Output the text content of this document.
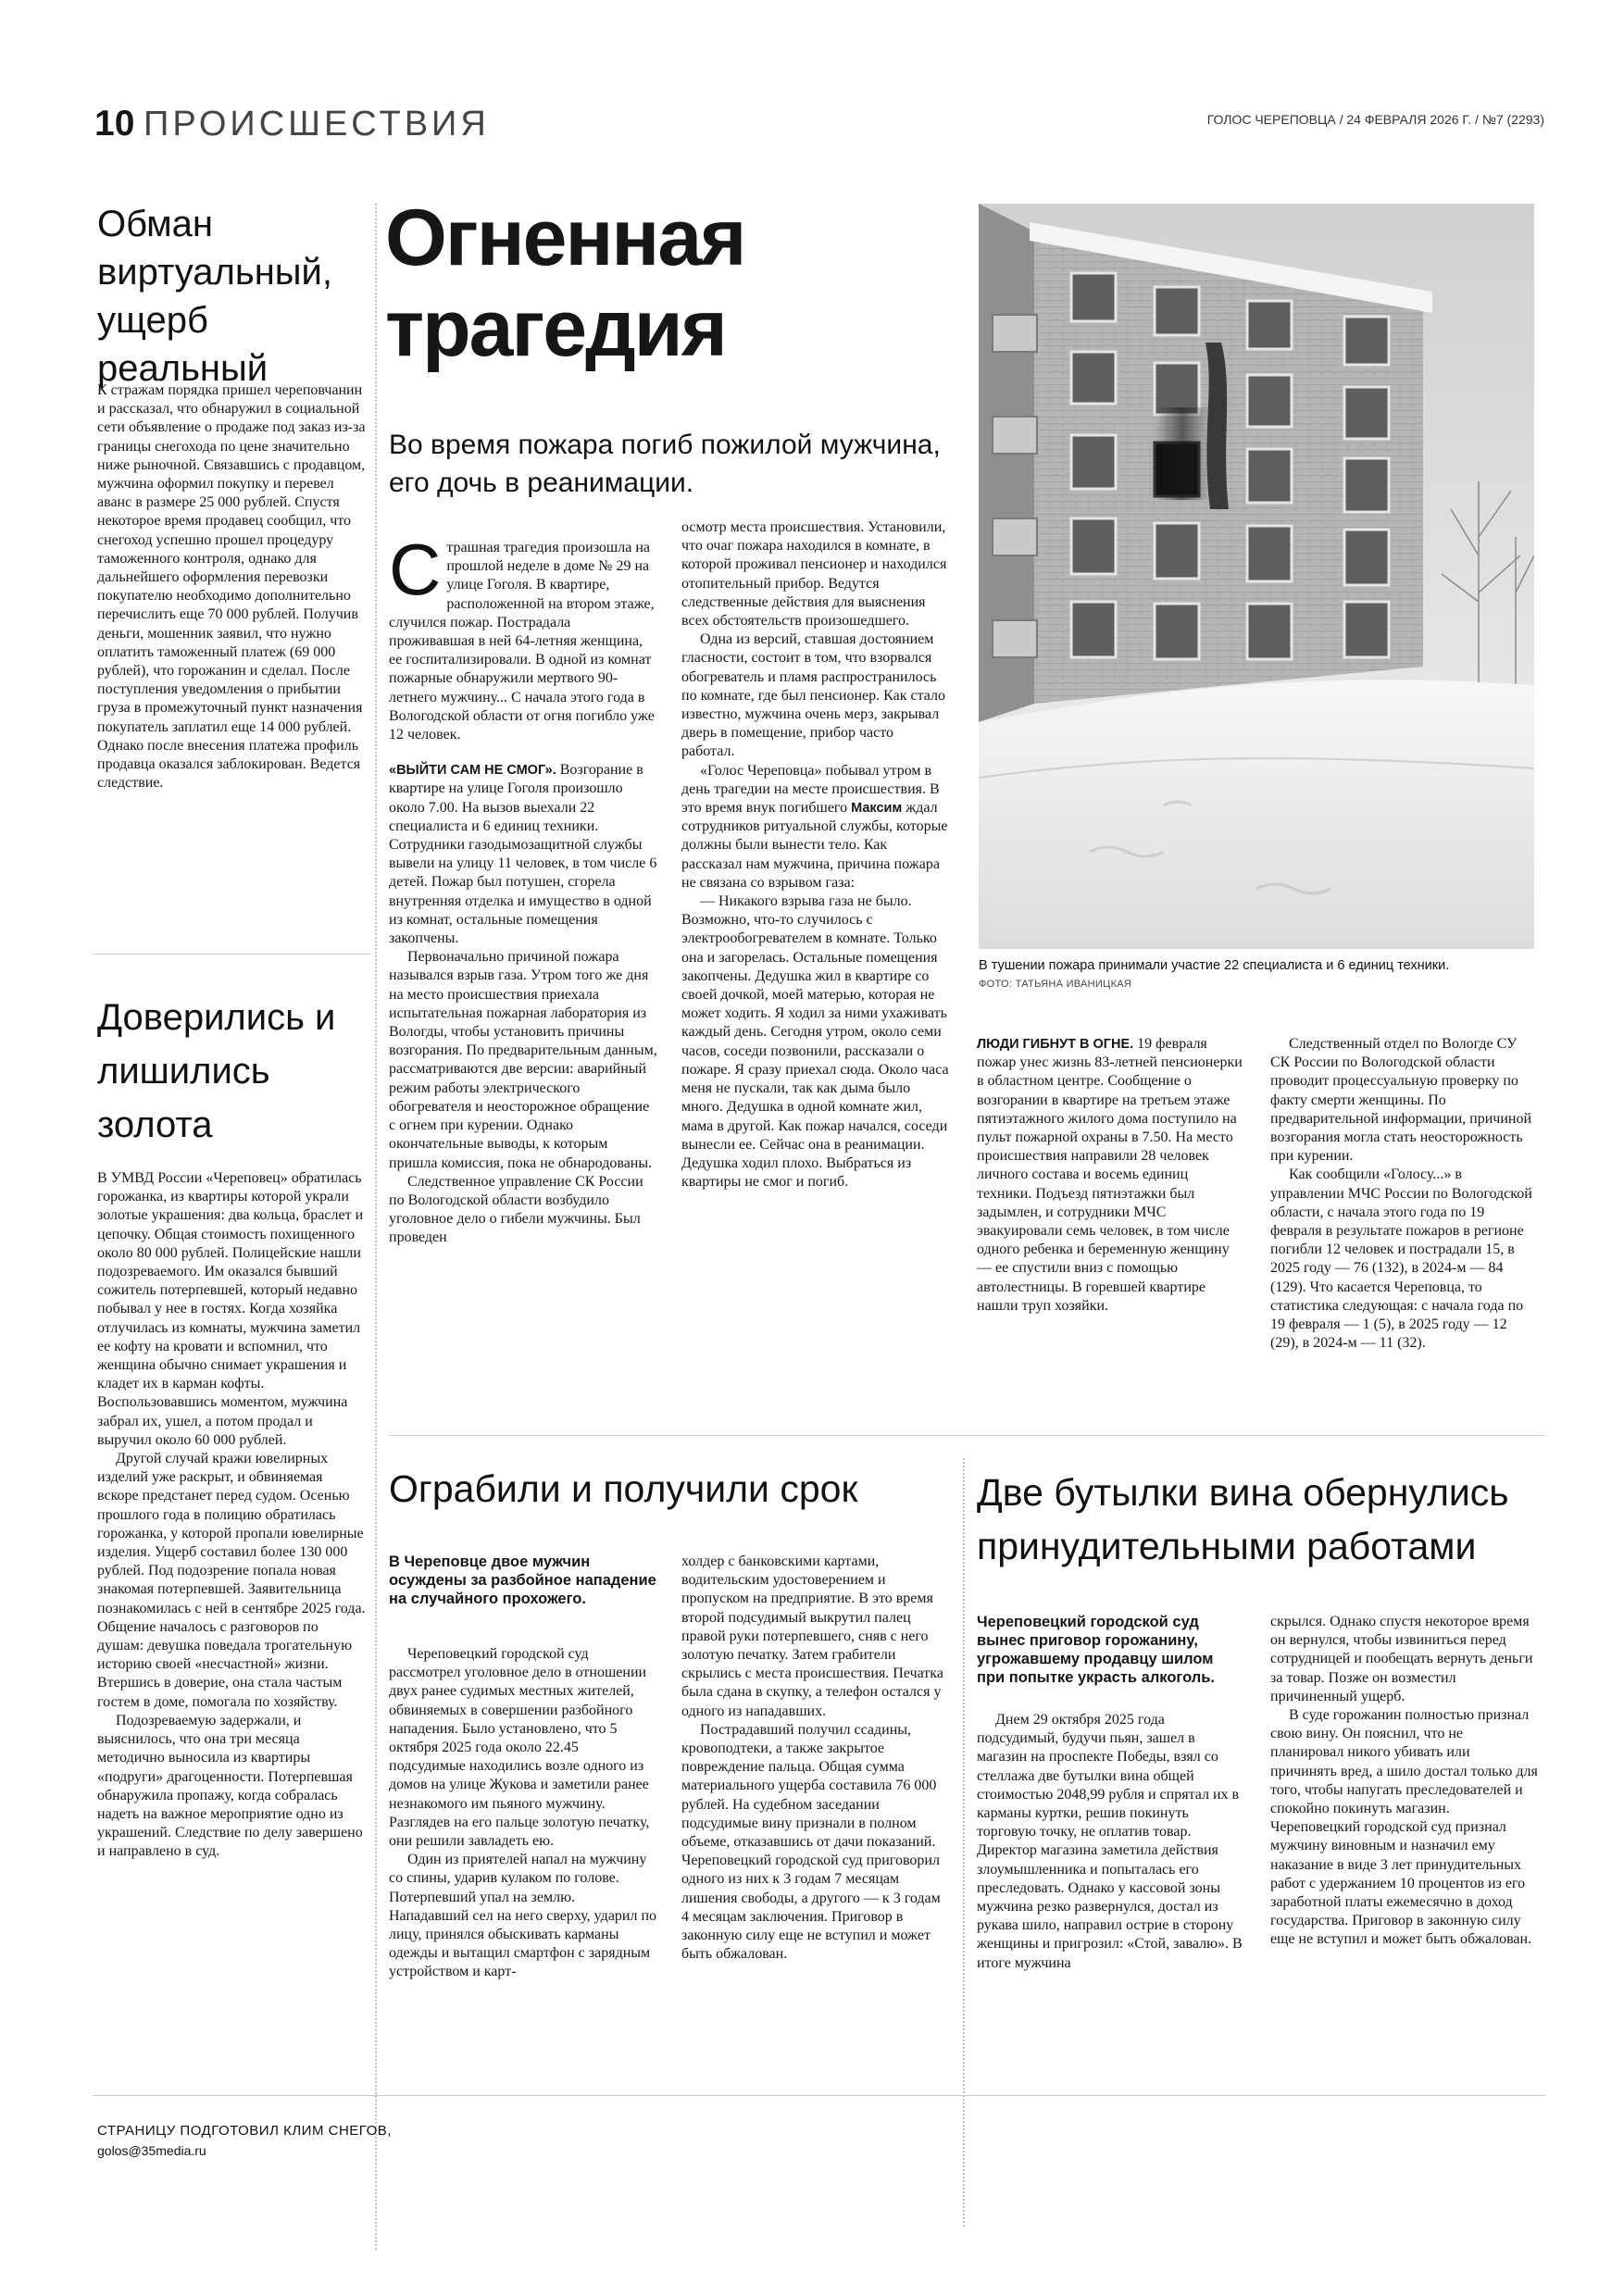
10 ПРОИСШЕСТВИЯ	ГОЛОС ЧЕРЕПОВЦА / 24 ФЕВРАЛЯ 2026 Г. / №7 (2293)
Обман виртуальный, ущерб реальный

К стражам порядка пришел череповчанин и рассказал, что обнаружил в социальной сети объявление о продаже под заказ из-за границы снегохода по цене значительно ниже рыночной. Связавшись с продавцом, мужчина оформил покупку и перевел аванс в размере 25 000 рублей. Спустя некоторое время продавец сообщил, что снегоход успешно прошел процедуру таможенного контроля, однако для дальнейшего оформления перевозки покупателю необходимо дополнительно перечислить еще 70 000 рублей. Получив деньги, мошенник заявил, что нужно оплатить таможенный платеж (69 000 рублей), что горожанин и сделал. После поступления уведомления о прибытии груза в промежуточный пункт назначения покупатель заплатил еще 14 000 рублей. Однако после внесения платежа профиль продавца оказался заблокирован. Ведется следствие.

Доверились и лишились золота

В УМВД России «Череповец» обратилась горожанка, из квартиры которой украли золотые украшения: два кольца, браслет и цепочку. Общая стоимость похищенного около 80 000 рублей. Полицейские нашли подозреваемого. Им оказался бывший сожитель потерпевшей, который недавно побывал у нее в гостях. Когда хозяйка отлучилась из комнаты, мужчина заметил ее кофту на кровати и вспомнил, что женщина обычно снимает украшения и кладет их в карман кофты. Воспользовавшись моментом, мужчина забрал их, ушел, а потом продал и выручил около 60 000 рублей.

Другой случай кражи ювелирных изделий уже раскрыт, и обвиняемая вскоре предстанет перед судом. Осенью прошлого года в полицию обратилась горожанка, у которой пропали ювелирные изделия. Ущерб составил более 130 000 рублей. Под подозрение попала новая знакомая потерпевшей. Заявительница познакомилась с ней в сентябре 2025 года. Общение началось с разговоров по душам: девушка поведала трогательную историю своей «несчастной» жизни. Втершись в доверие, она стала частым гостем в доме, помогала по хозяйству.

Подозреваемую задержали, и выяснилось, что она три месяца методично выносила из квартиры «подруги» драгоценности. Потерпевшая обнаружила пропажу, когда собралась надеть на важное мероприятие одно из украшений. Следствие по делу завершено и направлено в суд.

Огненная трагедия
Во время пожара погиб пожилой мужчина, его дочь в реанимации.

Страшная трагедия произошла на прошлой неделе в доме № 29 на улице Гоголя. В квартире, расположенной на втором этаже, случился пожар. Пострадала проживавшая в ней 64-летняя женщина, ее госпитализировали. В одной из комнат пожарные обнаружили мертвого 90-летнего мужчину... С начала этого года в Вологодской области от огня погибло уже 12 человек.

«ВЫЙТИ САМ НЕ СМОГ». Возгорание в квартире на улице Гоголя произошло около 7.00. На вызов выехали 22 специалиста и 6 единиц техники. Сотрудники газодымозащитной службы вывели на улицу 11 человек, в том числе 6 детей. Пожар был потушен, сгорела внутренняя отделка и имущество в одной из комнат, остальные помещения закопчены.

Первоначально причиной пожара назывался взрыв газа. Утром того же дня на место происшествия приехала испытательная пожарная лаборатория из Вологды, чтобы установить причины возгорания. По предварительным данным, рассматриваются две версии: аварийный режим работы электрического обогревателя и неосторожное обращение с огнем при курении. Однако окончательные выводы, к которым пришла комиссия, пока не обнародованы.

Следственное управление СК России по Вологодской области возбудило уголовное дело о гибели мужчины. Был проведен

осмотр места происшествия. Установили, что очаг пожара находился в комнате, в которой проживал пенсионер и находился отопительный прибор. Ведутся следственные действия для выяснения всех обстоятельств произошедшего.

Одна из версий, ставшая достоянием гласности, состоит в том, что взорвался обогреватель и пламя распространилось по комнате, где был пенсионер. Как стало известно, мужчина очень мерз, закрывал дверь в помещение, прибор часто работал.

«Голос Череповца» побывал утром в день трагедии на месте происшествия. В это время внук погибшего Максим ждал сотрудников ритуальной службы, которые должны были вынести тело. Как рассказал нам мужчина, причина пожара не связана со взрывом газа:

— Никакого взрыва газа не было. Возможно, что-то случилось с электрообогревателем в комнате. Только она и загорелась. Остальные помещения закопчены. Дедушка жил в квартире со своей дочкой, моей матерью, которая не может ходить. Я ходил за ними ухаживать каждый день. Сегодня утром, около семи часов, соседи позвонили, рассказали о пожаре. Я сразу приехал сюда. Около часа меня не пускали, так как дыма было много. Дедушка в одной комнате жил, мама в другой. Как пожар начался, соседи вынесли ее. Сейчас она в реанимации. Дедушка ходил плохо. Выбраться из квартиры не смог и погиб.

В тушении пожара принимали участие 22 специалиста и 6 единиц техники.
ФОТО: ТАТЬЯНА ИВАНИЦКАЯ

ЛЮДИ ГИБНУТ В ОГНЕ. 19 февраля пожар унес жизнь 83-летней пенсионерки в областном центре. Сообщение о возгорании в квартире на третьем этаже пятиэтажного жилого дома поступило на пульт пожарной охраны в 7.50. На место происшествия направили 28 человек личного состава и восемь единиц техники. Подъезд пятиэтажки был задымлен, и сотрудники МЧС эвакуировали семь человек, в том числе одного ребенка и беременную женщину — ее спустили вниз с помощью автолестницы. В горевшей квартире нашли труп хозяйки.

Следственный отдел по Вологде СУ СК России по Вологодской области проводит процессуальную проверку по факту смерти женщины. По предварительной информации, причиной возгорания могла стать неосторожность при курении.

Как сообщили «Голосу...» в управлении МЧС России по Вологодской области, с начала этого года по 19 февраля в результате пожаров в регионе погибли 12 человек и пострадали 15, в 2025 году — 76 (132), в 2024-м — 84 (129). Что касается Череповца, то статистика следующая: с начала года по 19 февраля — 1 (5), в 2025 году — 12 (29), в 2024-м — 11 (32).

Ограбили и получили срок

В Череповце двое мужчин осуждены за разбойное нападение на случайного прохожего.

Череповецкий городской суд рассмотрел уголовное дело в отношении двух ранее судимых местных жителей, обвиняемых в совершении разбойного нападения. Было установлено, что 5 октября 2025 года около 22.45 подсудимые находились возле одного из домов на улице Жукова и заметили ранее незнакомого им пьяного мужчину. Разглядев на его пальце золотую печатку, они решили завладеть ею.

Один из приятелей напал на мужчину со спины, ударив кулаком по голове. Потерпевший упал на землю. Нападавший сел на него сверху, ударил по лицу, принялся обыскивать карманы одежды и вытащил смартфон с зарядным устройством и карт-

холдер с банковскими картами, водительским удостоверением и пропуском на предприятие. В это время второй подсудимый выкрутил палец правой руки потерпевшего, сняв с него золотую печатку. Затем грабители скрылись с места происшествия. Печатка была сдана в скупку, а телефон остался у одного из нападавших.

Пострадавший получил ссадины, кровоподтеки, а также закрытое повреждение пальца. Общая сумма материального ущерба составила 76 000 рублей. На судебном заседании подсудимые вину признали в полном объеме, отказавшись от дачи показаний. Череповецкий городской суд приговорил одного из них к 3 годам 7 месяцам лишения свободы, а другого — к 3 годам 4 месяцам заключения. Приговор в законную силу еще не вступил и может быть обжалован.

Две бутылки вина обернулись принудительными работами

Череповецкий городской суд вынес приговор горожанину, угрожавшему продавцу шилом при попытке украсть алкоголь.

Днем 29 октября 2025 года подсудимый, будучи пьян, зашел в магазин на проспекте Победы, взял со стеллажа две бутылки вина общей стоимостью 2048,99 рубля и спрятал их в карманы куртки, решив покинуть торговую точку, не оплатив товар. Директор магазина заметила действия злоумышленника и попыталась его преследовать. Однако у кассовой зоны мужчина резко развернулся, достал из рукава шило, направил острие в сторону женщины и пригрозил: «Стой, завалю». В итоге мужчина

скрылся. Однако спустя некоторое время он вернулся, чтобы извиниться перед сотрудницей и пообещать вернуть деньги за товар. Позже он возместил причиненный ущерб.

В суде горожанин полностью признал свою вину. Он пояснил, что не планировал никого убивать или причинять вред, а шило достал только для того, чтобы напугать преследователей и спокойно покинуть магазин. Череповецкий городской суд признал мужчину виновным и назначил ему наказание в виде 3 лет принудительных работ с удержанием 10 процентов из его заработной платы ежемесячно в доход государства. Приговор в законную силу еще не вступил и может быть обжалован.

СТРАНИЦУ ПОДГОТОВИЛ КЛИМ СНЕГОВ,
golos@35media.ru
